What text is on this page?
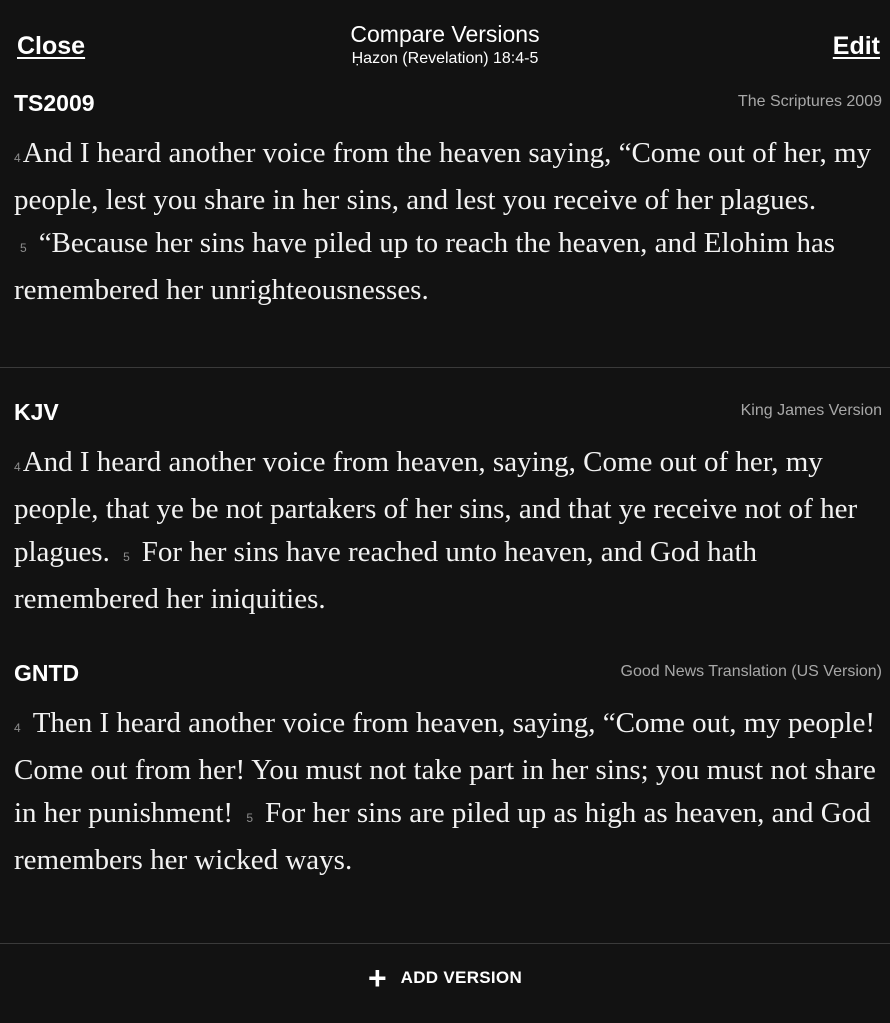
Close	Compare Versions
Ḥazon (Revelation) 18:4-5	Edit
TS2009	The Scriptures 2009
4And I heard another voice from the heaven saying, “Come out of her, my people, lest you share in her sins, and lest you receive of her plagues. 5 “Because her sins have piled up to reach the heaven, and Elohim has remembered her unrighteousnesses.
KJV	King James Version
4And I heard another voice from heaven, saying, Come out of her, my people, that ye be not partakers of her sins, and that ye receive not of her plagues. 5 For her sins have reached unto heaven, and God hath remembered her iniquities.
GNTD	Good News Translation (US Version)
4 Then I heard another voice from heaven, saying, “Come out, my people! Come out from her! You must not take part in her sins; you must not share in her punishment! 5 For her sins are piled up as high as heaven, and God remembers her wicked ways.
+ ADD VERSION
